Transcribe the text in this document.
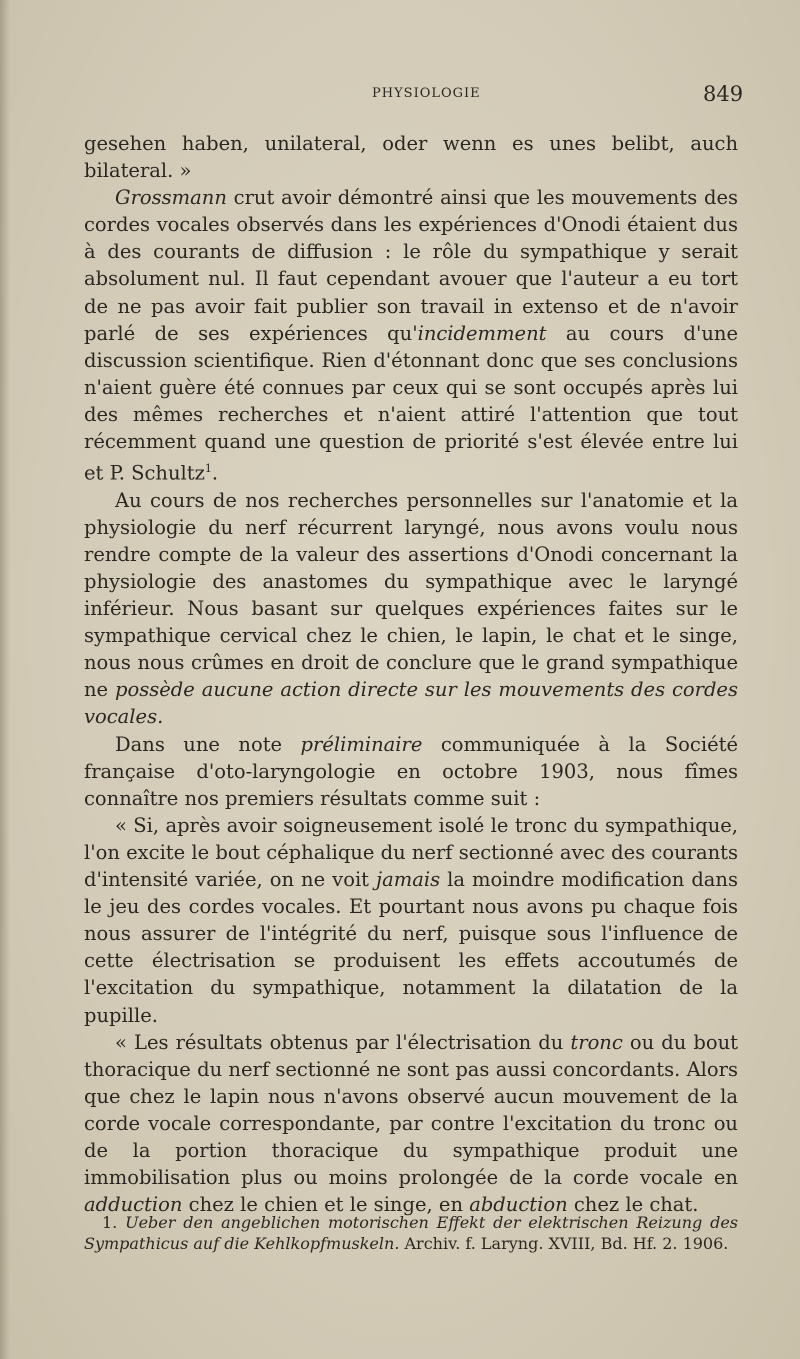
PHYSIOLOGIE	849

gesehen haben, unilateral, oder wenn es unes belibt, auch bilateral. »

Grossmann crut avoir démontré ainsi que les mouvements des cordes vocales observés dans les expériences d'Onodi étaient dus à des courants de diffusion : le rôle du sympathique y serait absolument nul. Il faut cependant avouer que l'auteur a eu tort de ne pas avoir fait publier son travail in extenso et de n'avoir parlé de ses expériences qu'incidemment au cours d'une discussion scientifique. Rien d'étonnant donc que ses conclusions n'aient guère été connues par ceux qui se sont occupés après lui des mêmes recherches et n'aient attiré l'attention que tout récemment quand une question de priorité s'est élevée entre lui et P. Schultz$^1$.

Au cours de nos recherches personnelles sur l'anatomie et la physiologie du nerf récurrent laryngé, nous avons voulu nous rendre compte de la valeur des assertions d'Onodi concernant la physiologie des anastomes du sympathique avec le laryngé inférieur. Nous basant sur quelques expériences faites sur le sympathique cervical chez le chien, le lapin, le chat et le singe, nous nous crûmes en droit de conclure que le grand sympathique ne possède aucune action directe sur les mouvements des cordes vocales.

Dans une note préliminaire communiquée à la Société française d'oto-laryngologie en octobre 1903, nous fîmes connaître nos premiers résultats comme suit :

« Si, après avoir soigneusement isolé le tronc du sympathique, l'on excite le bout céphalique du nerf sectionné avec des courants d'intensité variée, on ne voit jamais la moindre modification dans le jeu des cordes vocales. Et pourtant nous avons pu chaque fois nous assurer de l'intégrité du nerf, puisque sous l'influence de cette électrisation se produisent les effets accoutumés de l'excitation du sympathique, notamment la dilatation de la pupille.

« Les résultats obtenus par l'électrisation du tronc ou du bout thoracique du nerf sectionné ne sont pas aussi concordants. Alors que chez le lapin nous n'avons observé aucun mouvement de la corde vocale correspondante, par contre l'excitation du tronc ou de la portion thoracique du sympathique produit une immobilisation plus ou moins prolongée de la corde vocale en adduction chez le chien et le singe, en abduction chez le chat.

1. Ueber den angeblichen motorischen Effekt der elektrischen Reizung des Sympathicus auf die Kehlkopfmuskeln. Archiv. f. Laryng. XVIII, Bd. Hf. 2. 1906.
